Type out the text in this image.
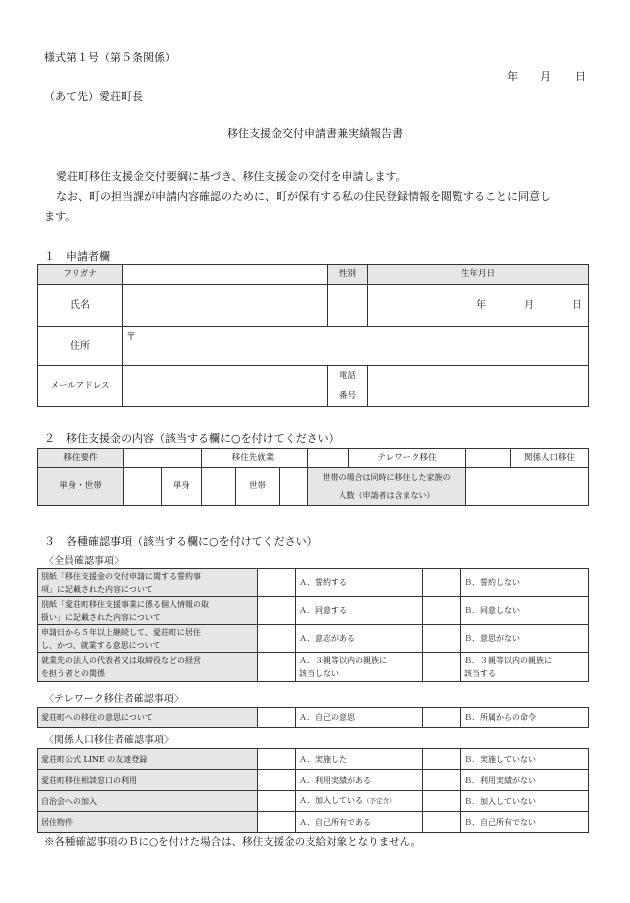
様式第１号（第５条関係）
年 月 日
（あて先）愛荘町長
移住支援金交付申請書兼実績報告書
愛荘町移住支援金交付要綱に基づき、移住支援金の交付を申請します。
なお、町の担当課が申請内容確認のために、町が保有する私の住民登録情報を閲覧することに同意し
ます。
１　申請者欄
フリガナ		性別	生年月日
氏名			年 月 日

住所	〒		
メールアドレス		電話
番号	
２　移住支援金の内容（該当する欄に○を付けてください）
移住要件			移住先就業			テレワーク移住	関係人口移住

単身・世帯		単身		世帯		世帯の場合は同時に移住した家族の
人数（申請者は含まない）	
３　各種確認事項（該当する欄に○を付けてください）
〈全員確認事項〉
別紙「移住支援金の交付申請に関する誓約事
項」に記載された内容について		Ａ．誓約する		Ｂ．誓約しない
別紙「愛荘町移住支援事業に係る個人情報の取
扱い」に記載された内容について		Ａ．同意する		Ｂ．同意しない
申請日から５年以上継続して、愛荘町に居住
し、かつ、就業する意思について		Ａ．意志がある		Ｂ．意思がない
就業先の法人の代表者又は取締役などの経営
を担う者との関係		Ａ．３親等以内の親族に
該当しない		Ｂ．３親等以内の親族に
該当する
〈テレワーク移住者確認事項〉
愛荘町への移住の意思について		Ａ．自己の意思		Ｂ．所属からの命令
〈関係人口移住者確認事項〉
愛荘町公式 LINE の友達登録		Ａ．実施した		Ｂ．実施していない
愛荘町移住相談窓口の利用		Ａ．利用実績がある		Ｂ．利用実績がない
自治会への加入		Ａ．加入している（予定含）		Ｂ．加入していない
居住物件		Ａ．自己所有である		Ｂ．自己所有でない
※各種確認事項のＢに○を付けた場合は、移住支援金の支給対象となりません。
